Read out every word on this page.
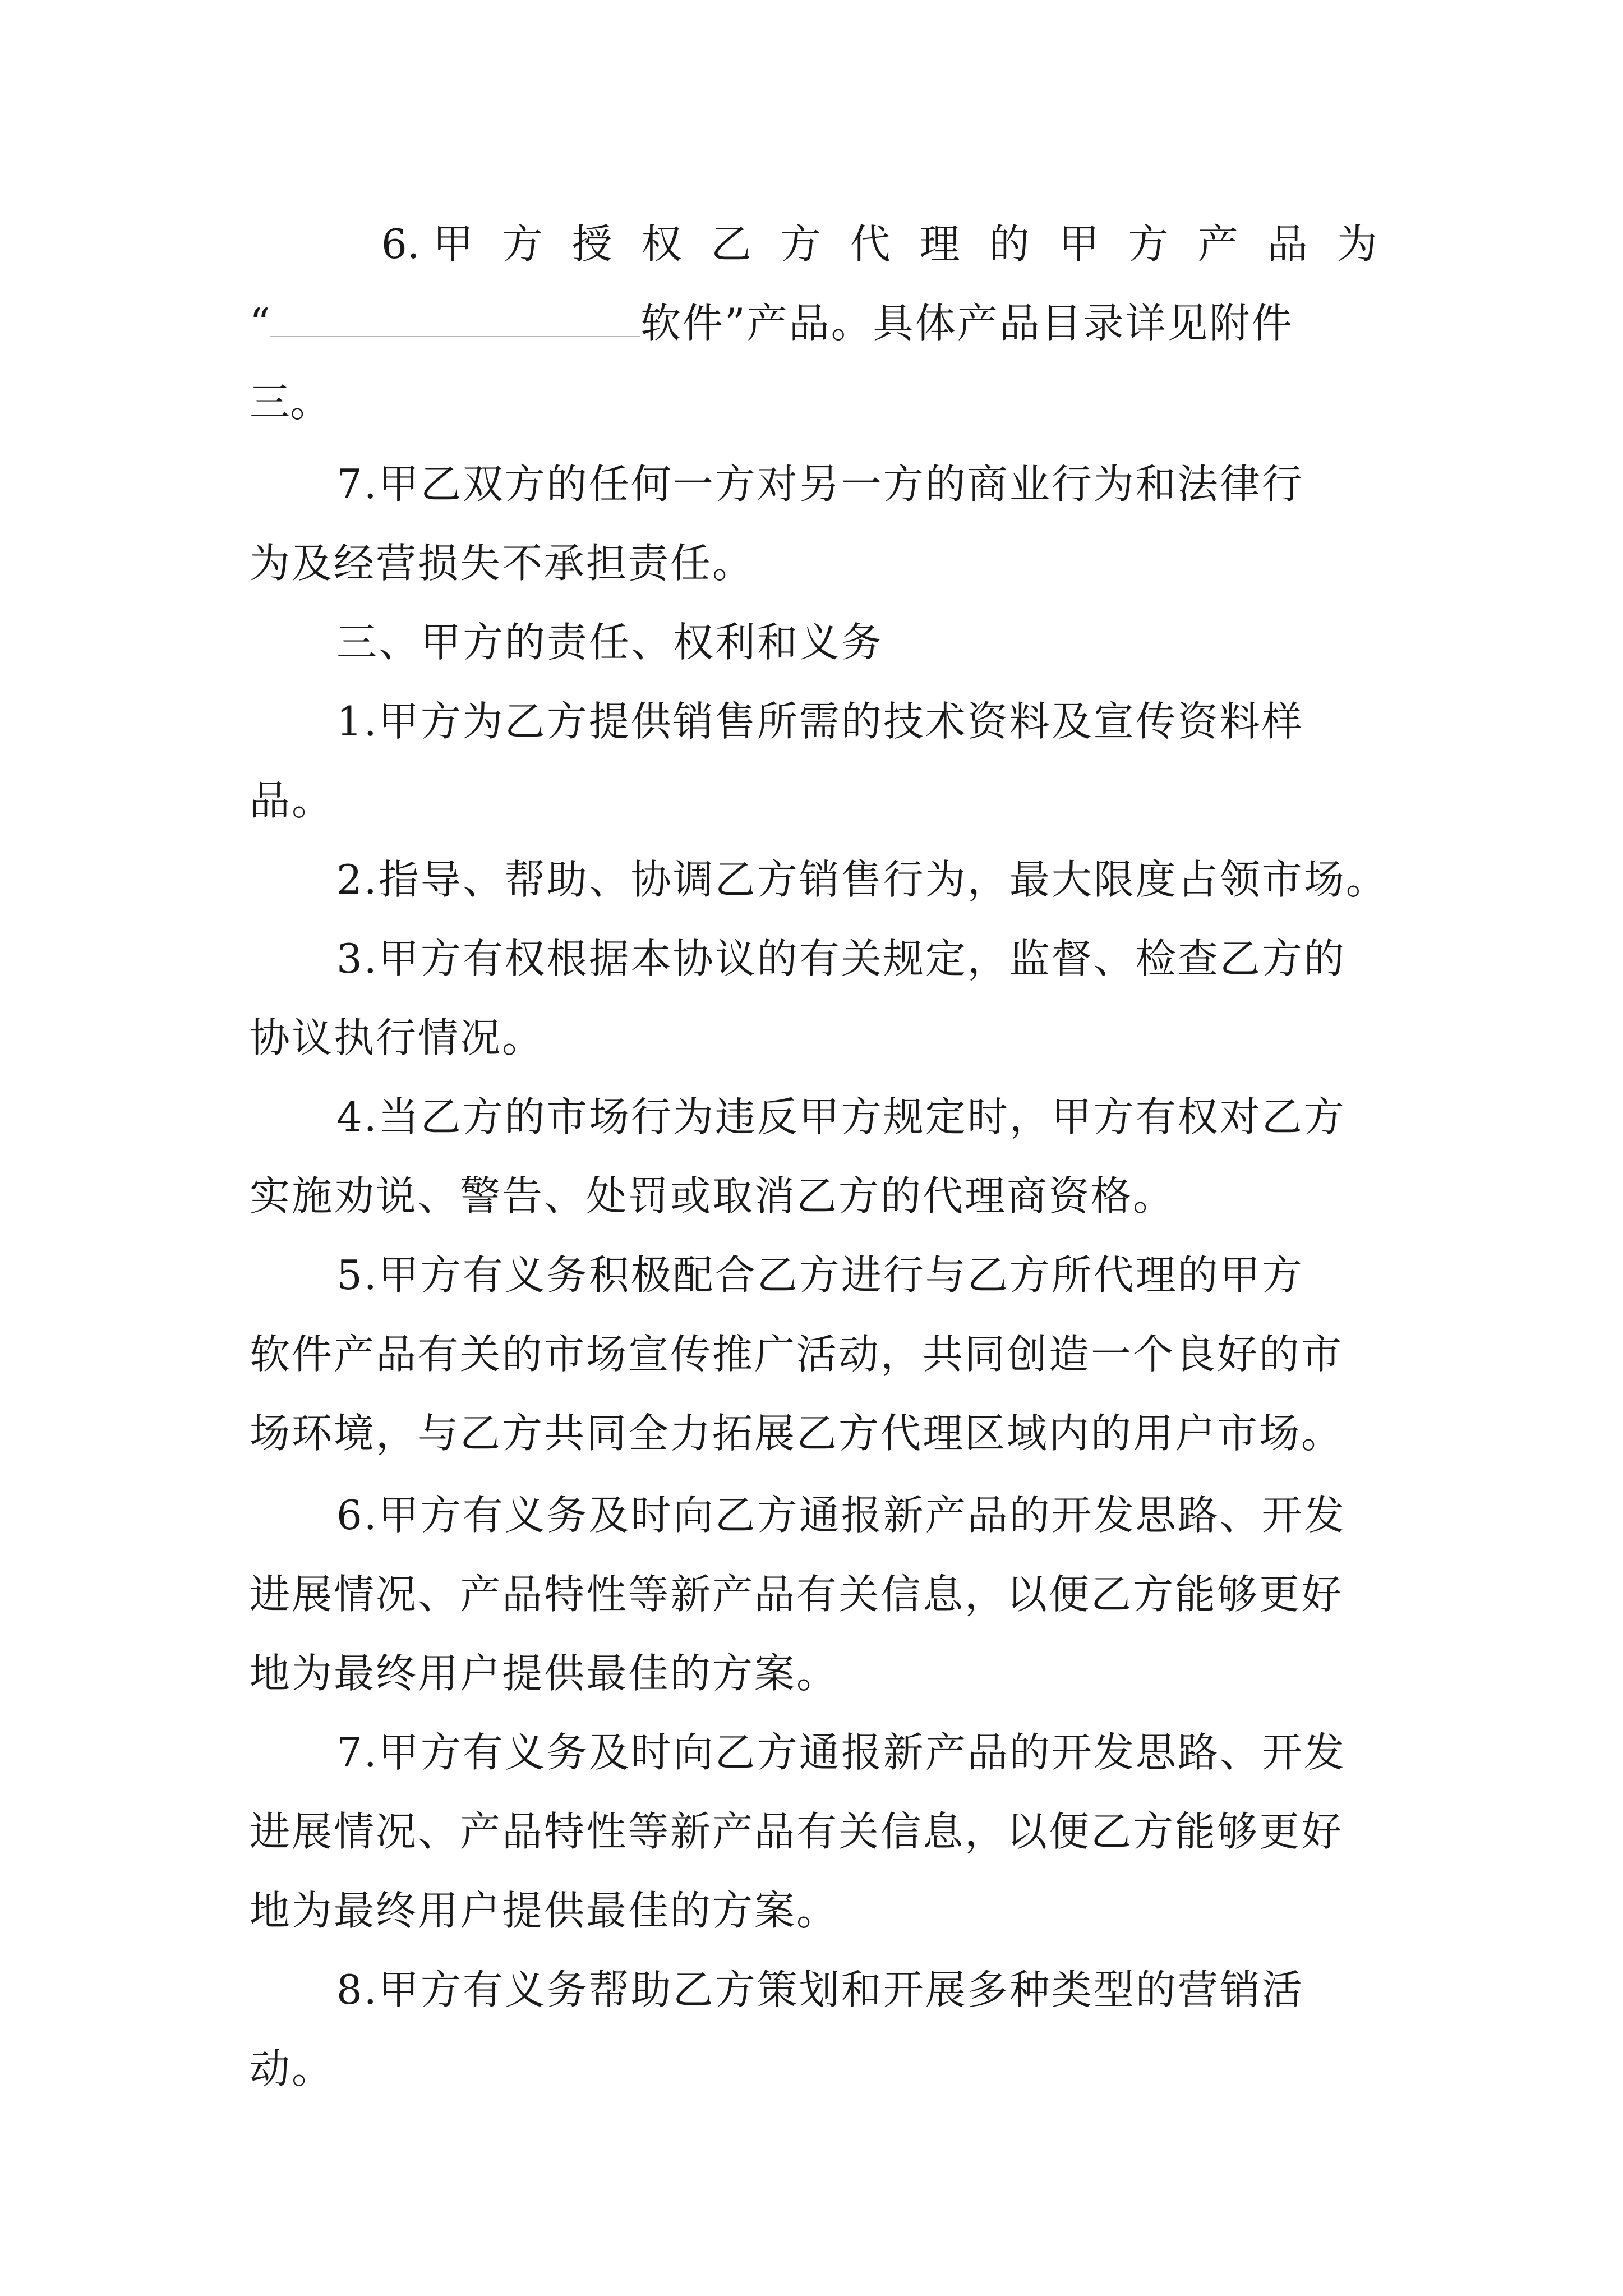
6. 甲方授权乙方代理的甲方产品为
“	软件”产品。具体产品目录详见附件
三。
7.甲乙双方的任何一方对另一方的商业行为和法律行
为及经营损失不承担责任。
三、甲方的责任、权利和义务
1.甲方为乙方提供销售所需的技术资料及宣传资料样
品。
2.指导、帮助、协调乙方销售行为，最大限度占领市场。
3.甲方有权根据本协议的有关规定，监督、检查乙方的
协议执行情况。
4.当乙方的市场行为违反甲方规定时，甲方有权对乙方
实施劝说、警告、处罚或取消乙方的代理商资格。
5.甲方有义务积极配合乙方进行与乙方所代理的甲方
软件产品有关的市场宣传推广活动，共同创造一个良好的市
场环境，与乙方共同全力拓展乙方代理区域内的用户市场。
6.甲方有义务及时向乙方通报新产品的开发思路、开发
进展情况、产品特性等新产品有关信息，以便乙方能够更好
地为最终用户提供最佳的方案。
7.甲方有义务及时向乙方通报新产品的开发思路、开发
进展情况、产品特性等新产品有关信息，以便乙方能够更好
地为最终用户提供最佳的方案。
8.甲方有义务帮助乙方策划和开展多种类型的营销活
动。
